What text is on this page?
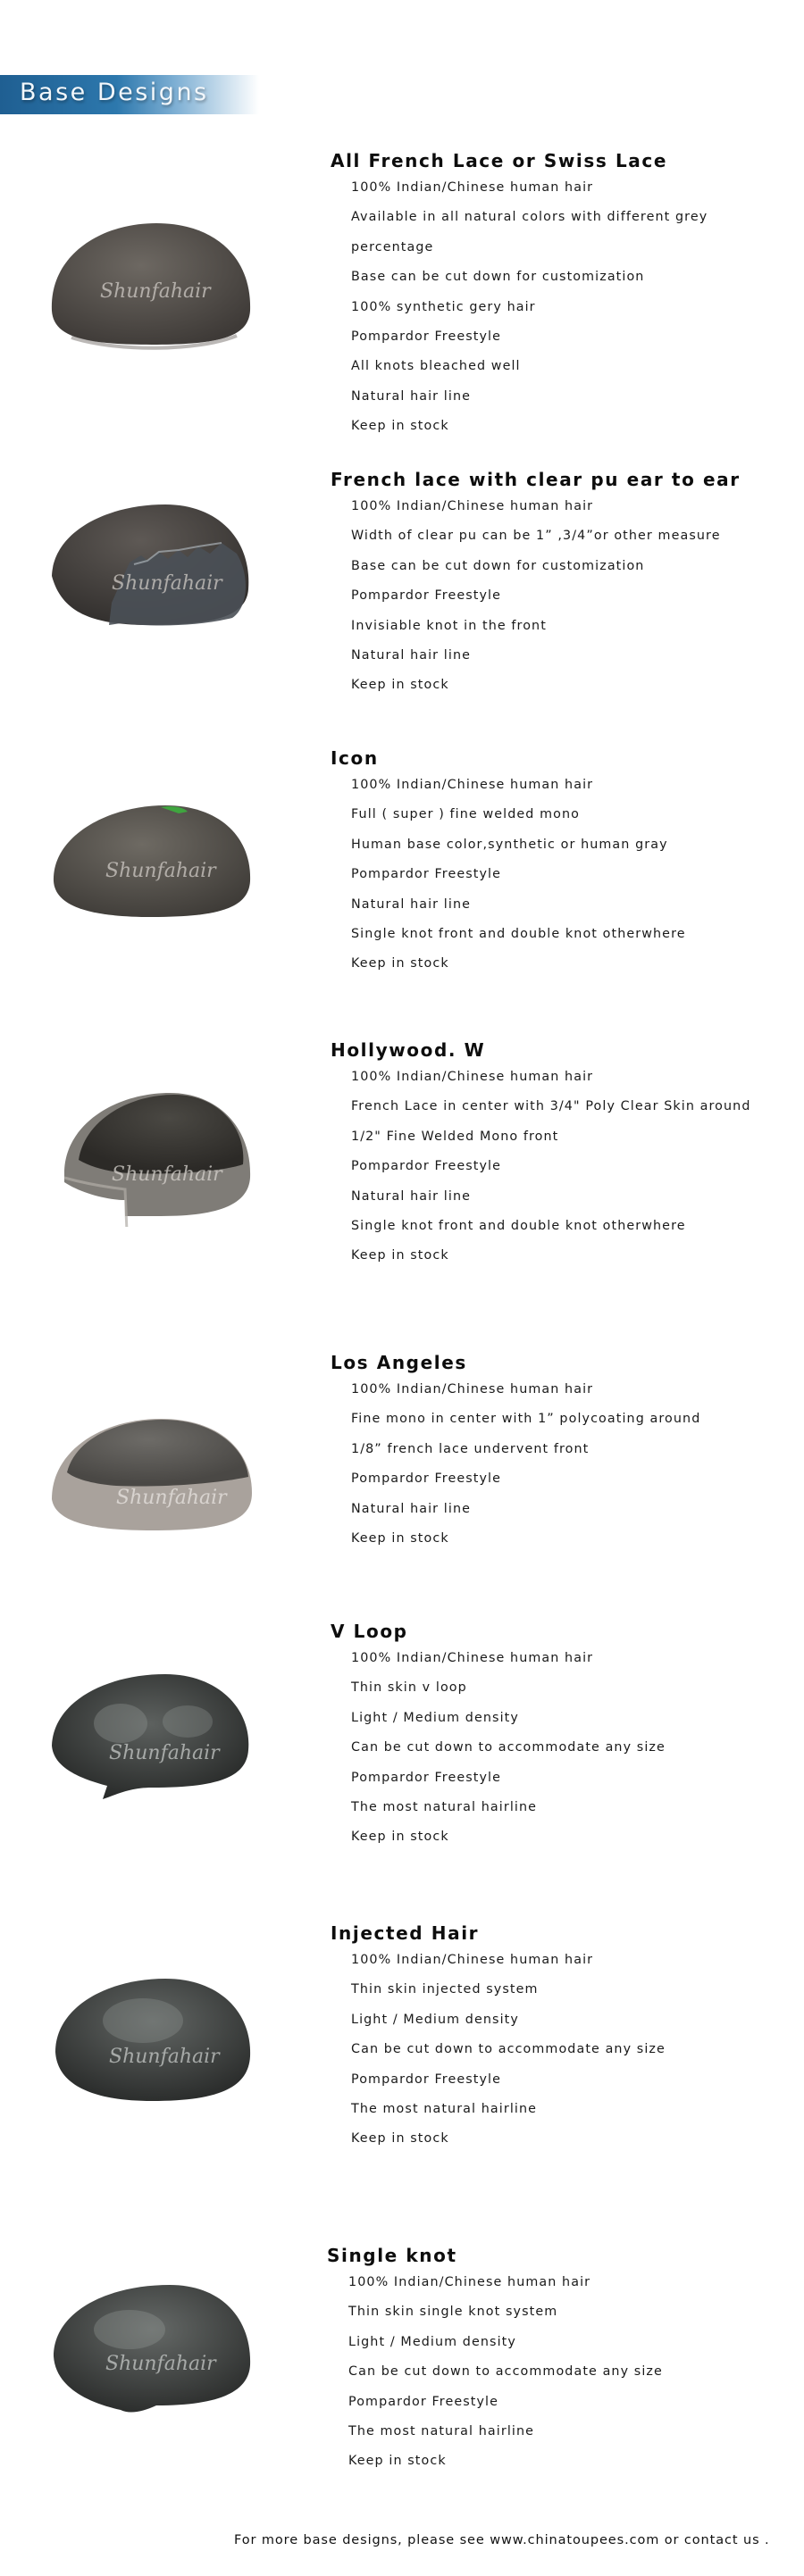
Base Designs
Shunfahair
All French Lace or Swiss Lace
100% Indian/Chinese human hair
Available in all natural colors with different grey
percentage
Base can be cut down for customization
100% synthetic gery hair
Pompardor Freestyle
All knots bleached well
Natural hair line
Keep in stock
Shunfahair
French lace with clear pu ear to ear
100% Indian/Chinese human hair
Width of clear pu can be 1” ,3/4”or other measure
Base can be cut down for customization
Pompardor Freestyle
Invisiable knot in the front
Natural hair line
Keep in stock
Shunfahair
Icon
100% Indian/Chinese human hair
Full ( super ) fine welded mono
Human base color,synthetic or human gray
Pompardor Freestyle
Natural hair line
Single knot front and double knot otherwhere
Keep in stock
Shunfahair
Hollywood. W
100% Indian/Chinese human hair
French Lace in center with 3/4" Poly Clear Skin around
1/2" Fine Welded Mono front
Pompardor Freestyle
Natural hair line
Single knot front and double knot otherwhere
Keep in stock
Shunfahair
Los Angeles
100% Indian/Chinese human hair
Fine mono in center with 1” polycoating around
1/8” french lace undervent front
Pompardor Freestyle
Natural hair line
Keep in stock
Shunfahair
V Loop
100% Indian/Chinese human hair
Thin skin v loop
Light / Medium density
Can be cut down to accommodate any size
Pompardor Freestyle
The most natural hairline
Keep in stock
Shunfahair
Injected Hair
100% Indian/Chinese human hair
Thin skin injected system
Light / Medium density
Can be cut down to accommodate any size
Pompardor Freestyle
The most natural hairline
Keep in stock
Shunfahair
Single knot
100% Indian/Chinese human hair
Thin skin single knot system
Light / Medium density
Can be cut down to accommodate any size
Pompardor Freestyle
The most natural hairline
Keep in stock
For more base designs, please see www.chinatoupees.com or contact us .
